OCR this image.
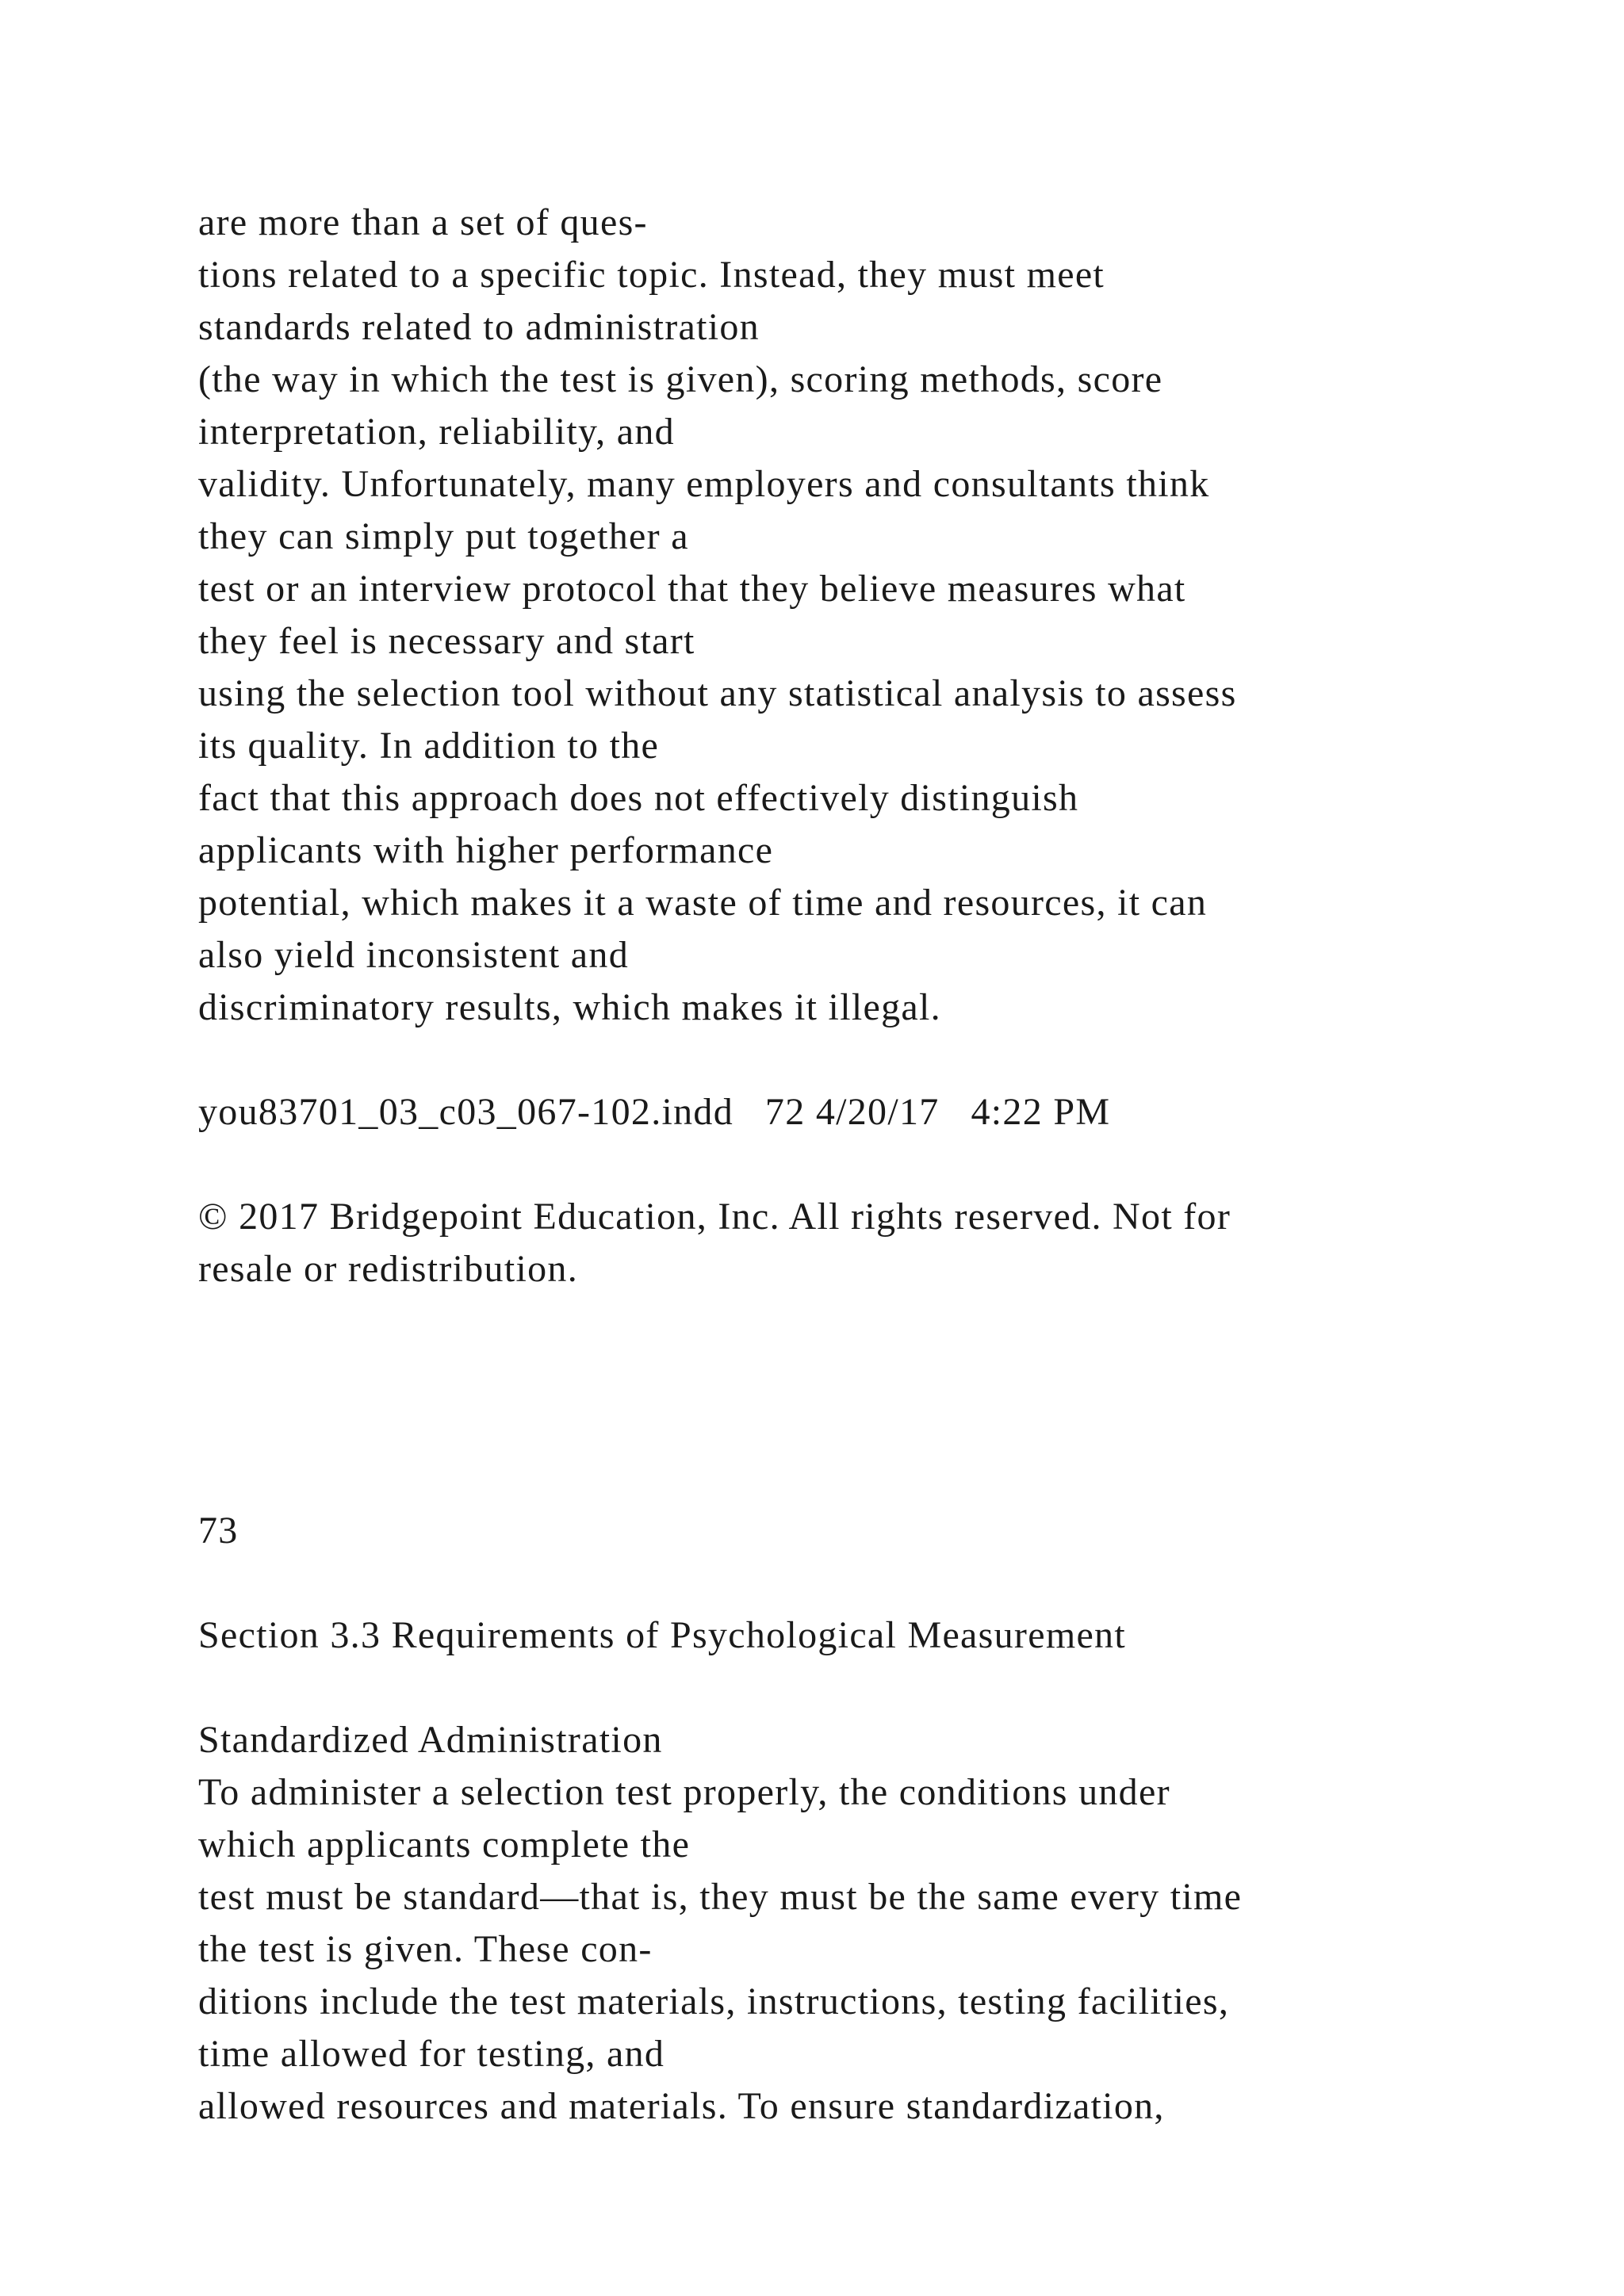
are more than a set of ques-
tions related to a specific topic. Instead, they must meet
standards related to administration
(the way in which the test is given), scoring methods, score
interpretation, reliability, and
validity. Unfortunately, many employers and consultants think
they can simply put together a
test or an interview protocol that they believe measures what
they feel is necessary and start
using the selection tool without any statistical analysis to assess
its quality. In addition to the
fact that this approach does not effectively distinguish
applicants with higher performance
potential, which makes it a waste of time and resources, it can
also yield inconsistent and
discriminatory results, which makes it illegal.

you83701_03_c03_067-102.indd   72 4/20/17   4:22 PM

© 2017 Bridgepoint Education, Inc. All rights reserved. Not for
resale or redistribution.

73

Section 3.3 Requirements of Psychological Measurement

Standardized Administration

To administer a selection test properly, the conditions under
which applicants complete the
test must be standard—that is, they must be the same every time
the test is given. These con-
ditions include the test materials, instructions, testing facilities,
time allowed for testing, and
allowed resources and materials. To ensure standardization,
